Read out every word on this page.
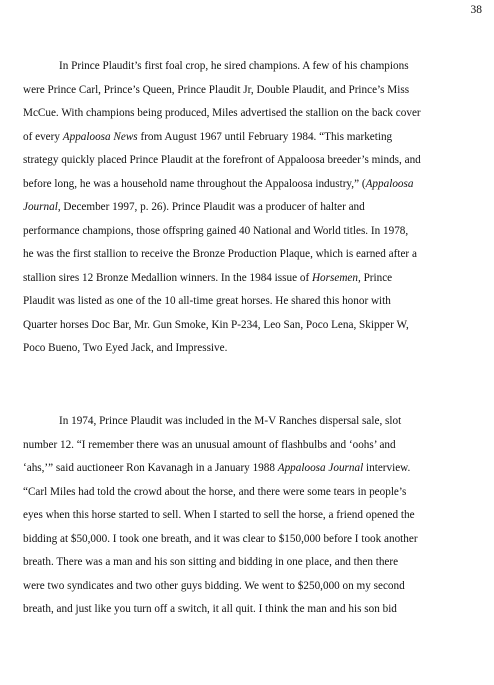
38
In Prince Plaudit’s first foal crop, he sired champions. A few of his champions
were Prince Carl, Prince’s Queen, Prince Plaudit Jr, Double Plaudit, and Prince’s Miss
McCue. With champions being produced, Miles advertised the stallion on the back cover
of every Appaloosa News from August 1967 until February 1984. “This marketing
strategy quickly placed Prince Plaudit at the forefront of Appaloosa breeder’s minds, and
before long, he was a household name throughout the Appaloosa industry,” (Appaloosa
Journal, December 1997, p. 26). Prince Plaudit was a producer of halter and
performance champions, those offspring gained 40 National and World titles. In 1978,
he was the first stallion to receive the Bronze Production Plaque, which is earned after a
stallion sires 12 Bronze Medallion winners. In the 1984 issue of Horsemen, Prince
Plaudit was listed as one of the 10 all-time great horses. He shared this honor with
Quarter horses Doc Bar, Mr. Gun Smoke, Kin P-234, Leo San, Poco Lena, Skipper W,
Poco Bueno, Two Eyed Jack, and Impressive.
In 1974, Prince Plaudit was included in the M-V Ranches dispersal sale, slot
number 12. “I remember there was an unusual amount of flashbulbs and ‘oohs’ and
‘ahs,’” said auctioneer Ron Kavanagh in a January 1988 Appaloosa Journal interview.
“Carl Miles had told the crowd about the horse, and there were some tears in people’s
eyes when this horse started to sell. When I started to sell the horse, a friend opened the
bidding at $50,000. I took one breath, and it was clear to $150,000 before I took another
breath. There was a man and his son sitting and bidding in one place, and then there
were two syndicates and two other guys bidding. We went to $250,000 on my second
breath, and just like you turn off a switch, it all quit. I think the man and his son bid
